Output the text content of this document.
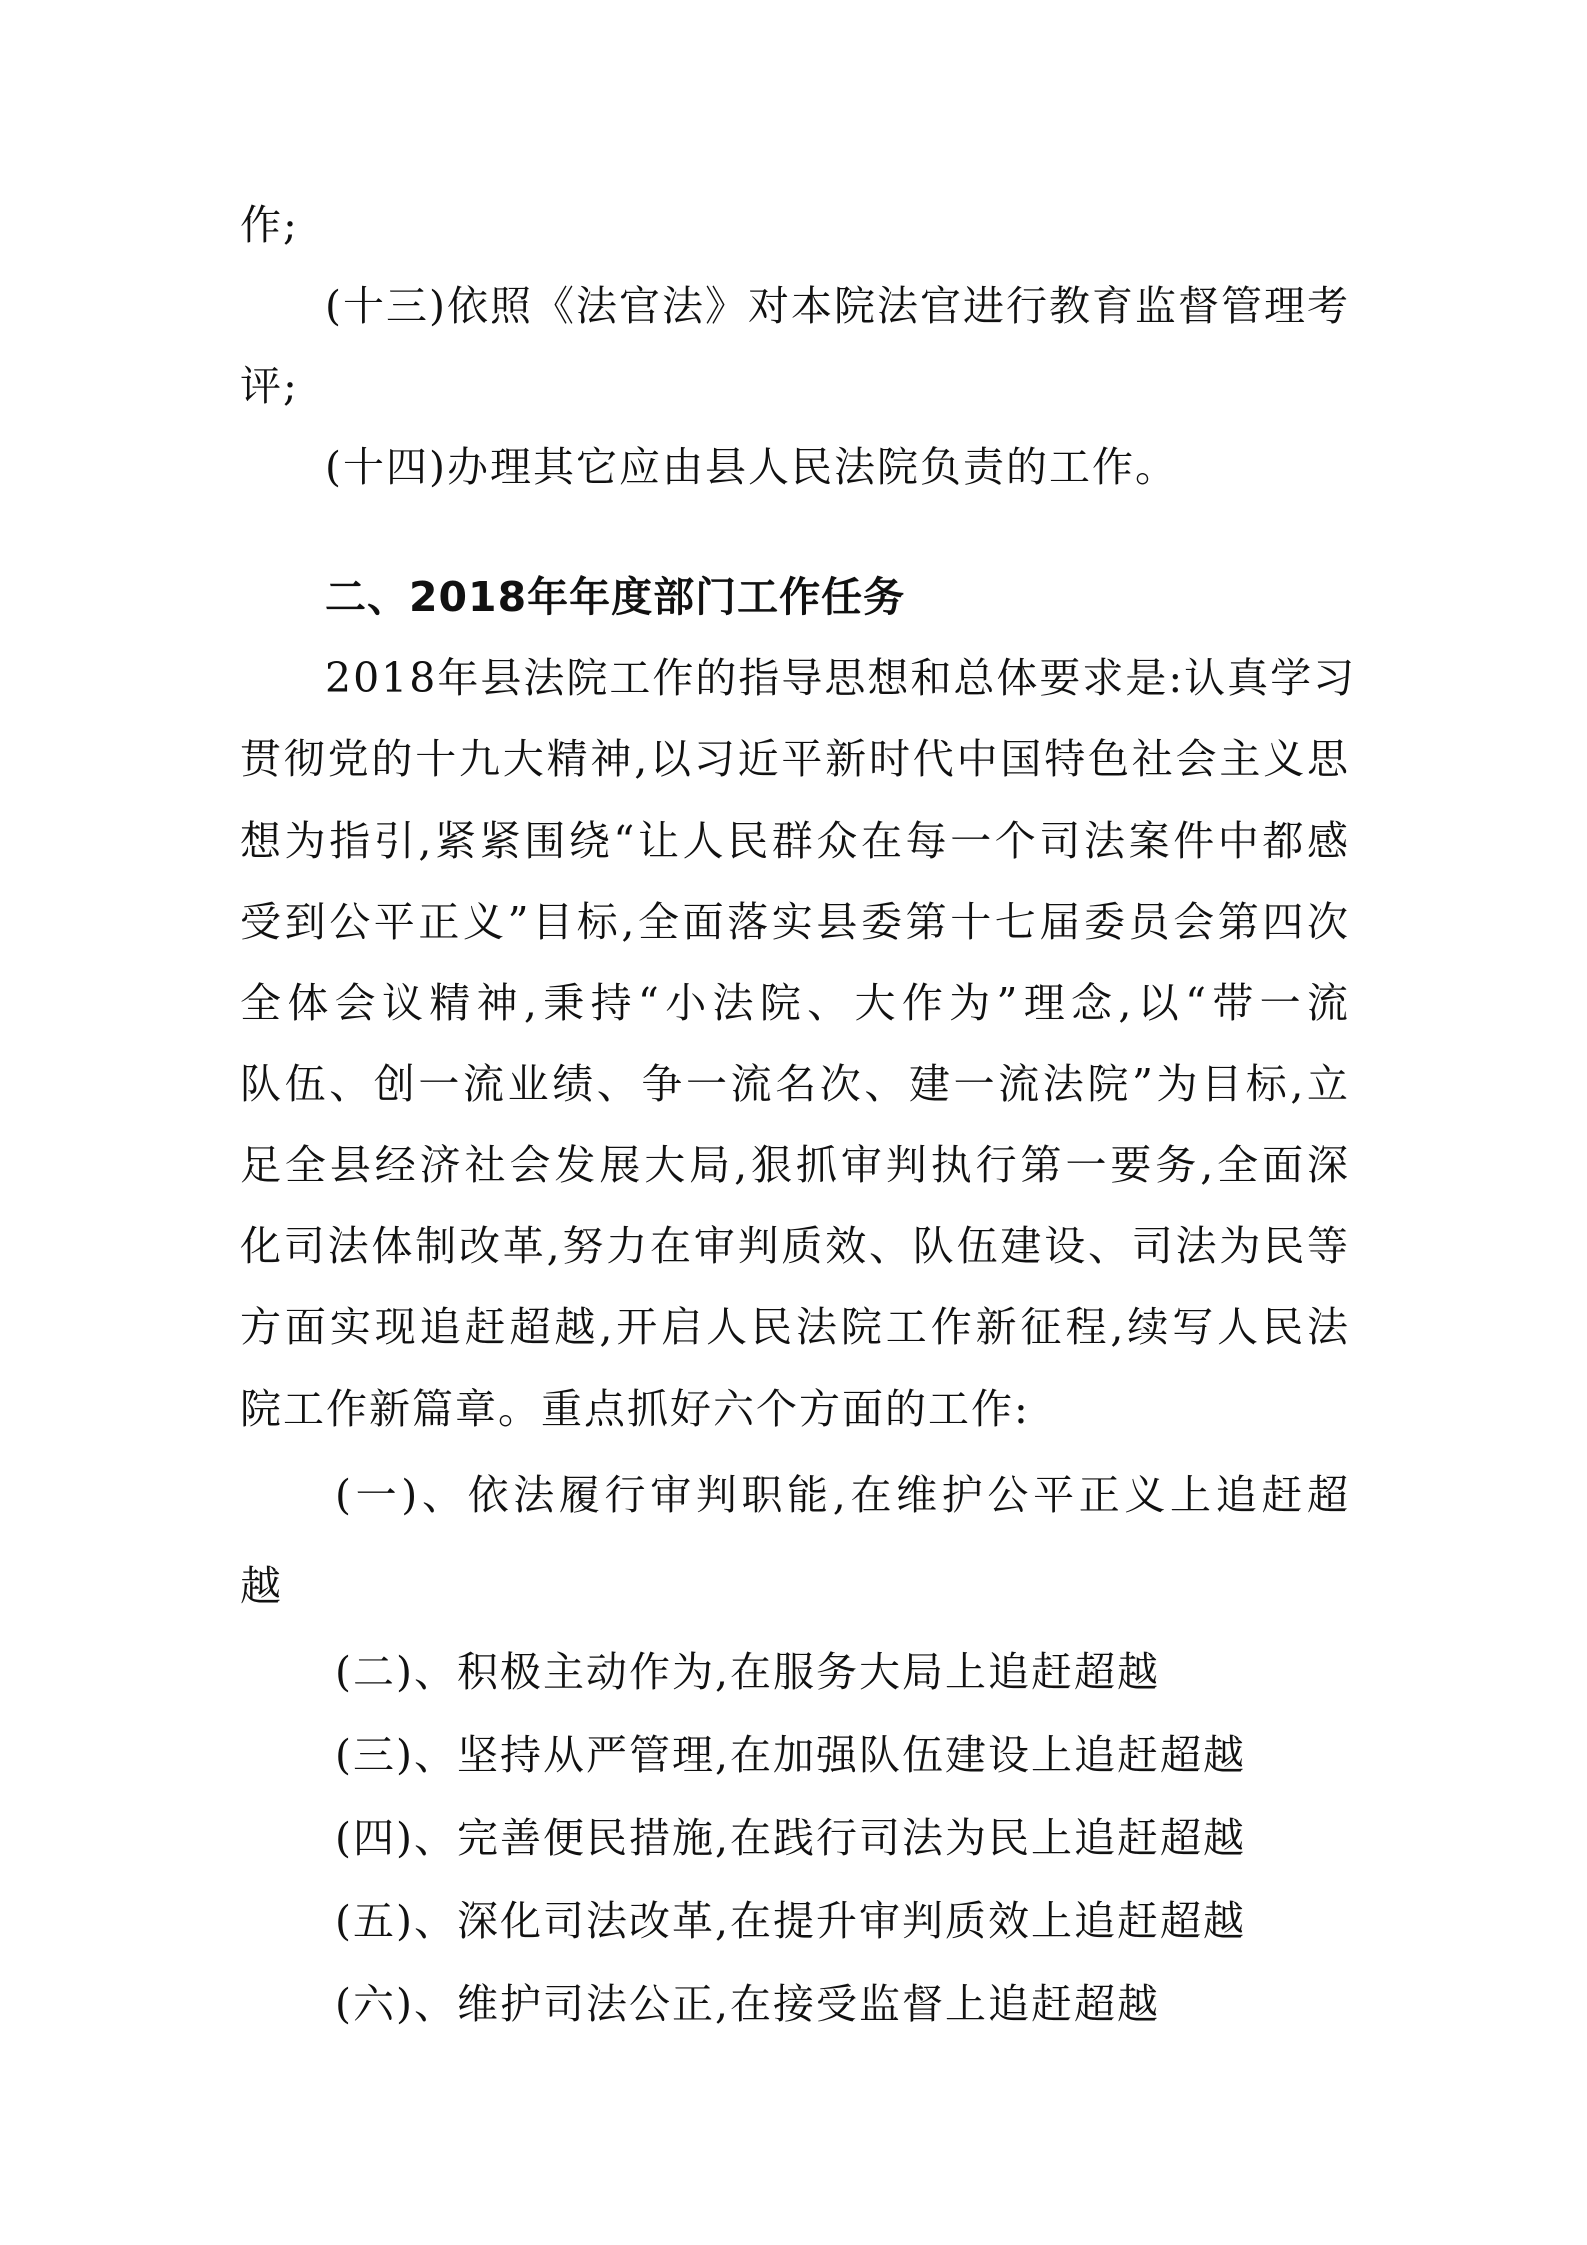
作;
(十三)依照《法官法》对本院法官进行教育监督管理考
评;
(十四)办理其它应由县人民法院负责的工作。
二、2018年年度部门工作任务
2018年县法院工作的指导思想和总体要求是:认真学习
贯彻党的十九大精神,以习近平新时代中国特色社会主义思
想为指引,紧紧围绕“让人民群众在每一个司法案件中都感
受到公平正义”目标,全面落实县委第十七届委员会第四次
全体会议精神,秉持“小法院、大作为”理念,以“带一流
队伍、创一流业绩、争一流名次、建一流法院”为目标,立
足全县经济社会发展大局,狠抓审判执行第一要务,全面深
化司法体制改革,努力在审判质效、队伍建设、司法为民等
方面实现追赶超越,开启人民法院工作新征程,续写人民法
院工作新篇章。重点抓好六个方面的工作:
(一)、依法履行审判职能,在维护公平正义上追赶超
越
(二)、积极主动作为,在服务大局上追赶超越
(三)、坚持从严管理,在加强队伍建设上追赶超越
(四)、完善便民措施,在践行司法为民上追赶超越
(五)、深化司法改革,在提升审判质效上追赶超越
(六)、维护司法公正,在接受监督上追赶超越
